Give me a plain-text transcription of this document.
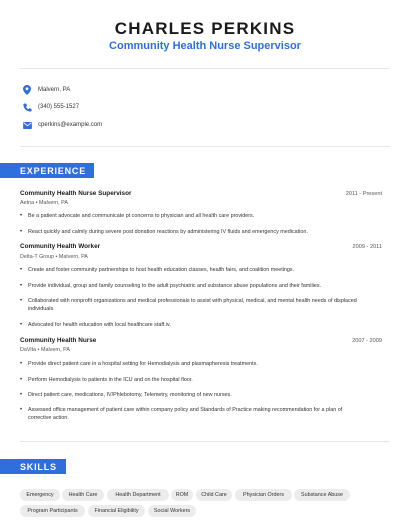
CHARLES PERKINS
Community Health Nurse Supervisor
Malvern, PA
(340) 555-1527
cperkins@example.com
EXPERIENCE
Community Health Nurse Supervisor	2011 - Present
Aetna • Malvern, PA
•	Be a patient advocate and communicate pt concerns to physician and all health care providers.
•	React quickly and calmly during severe post donation reactions by administering IV fluids and emergency medication.
Community Health Worker	2009 - 2011
Delta-T Group • Malvern, PA
•	Create and foster community partnerships to host health education classes, health fairs, and coalition meetings.
•	Provide individual, group and family counseling to the adult psychiatric and substance abuse populations and their families.
•	Collaborated with nonprofit organizations and medical professionals to assist with physical, medical, and mental health needs of displaced individuals.
•	Advocated for health education with local healthcare staff.iv.
Community Health Nurse	2007 - 2009
DaVita • Malvern, PA
•	Provide direct patient care in a hospital setting for Hemodialysis and plasmapheresis treatments.
•	Perform Hemodialysis to patients in the ICU and on the hospital floor.
•	Direct patient care, medications, IV/Phlebotomy, Telemetry, monitoring of new nurses.
•	Assessed office management of patient care within company policy and Standards of Practice making recommendation for a plan of corrective action.
SKILLS
Emergency	Health Care	Health Department	ROM	Child Care	Physician Orders	Substance Abuse
Program Participants	Financial Eligibility	Social Workers
